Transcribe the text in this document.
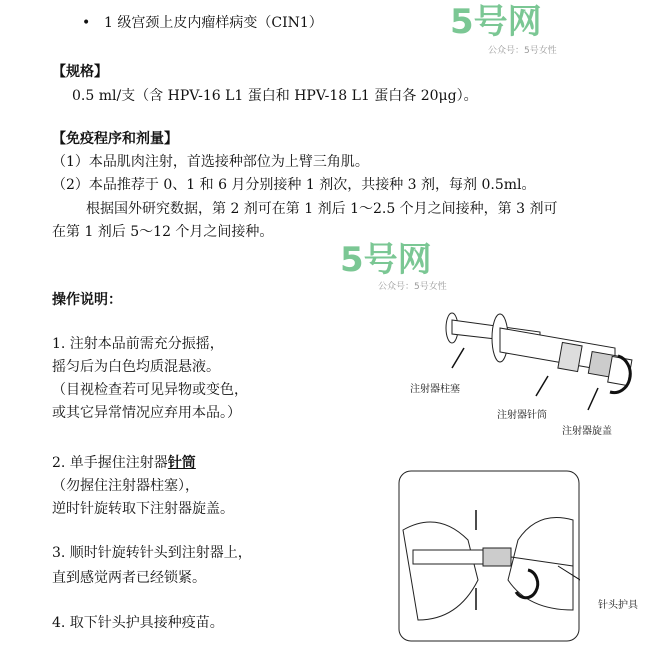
• 1 级宫颈上皮内瘤样病变（CIN1）
【规格】
0.5 ml/支（含 HPV-16 L1 蛋白和 HPV-18 L1 蛋白各 20μg）。
【免疫程序和剂量】
（1）本品肌肉注射，首选接种部位为上臂三角肌。
（2）本品推荐于 0、1 和 6 月分别接种 1 剂次，共接种 3 剂，每剂 0.5ml。
根据国外研究数据，第 2 剂可在第 1 剂后 1～2.5 个月之间接种，第 3 剂可
在第 1 剂后 5～12 个月之间接种。
操作说明：
1. 注射本品前需充分振摇，
摇匀后为白色均质混悬液。
（目视检查若可见异物或变色，
或其它异常情况应弃用本品。）
2. 单手握住注射器针筒
（勿握住注射器柱塞），
逆时针旋转取下注射器旋盖。
3. 顺时针旋转针头到注射器上，
直到感觉两者已经锁紧。
4. 取下针头护具接种疫苗。
注射器柱塞
注射器针筒
注射器旋盖
针头护具
5号网
公众号：5号女性
5号网
公众号：5号女性
